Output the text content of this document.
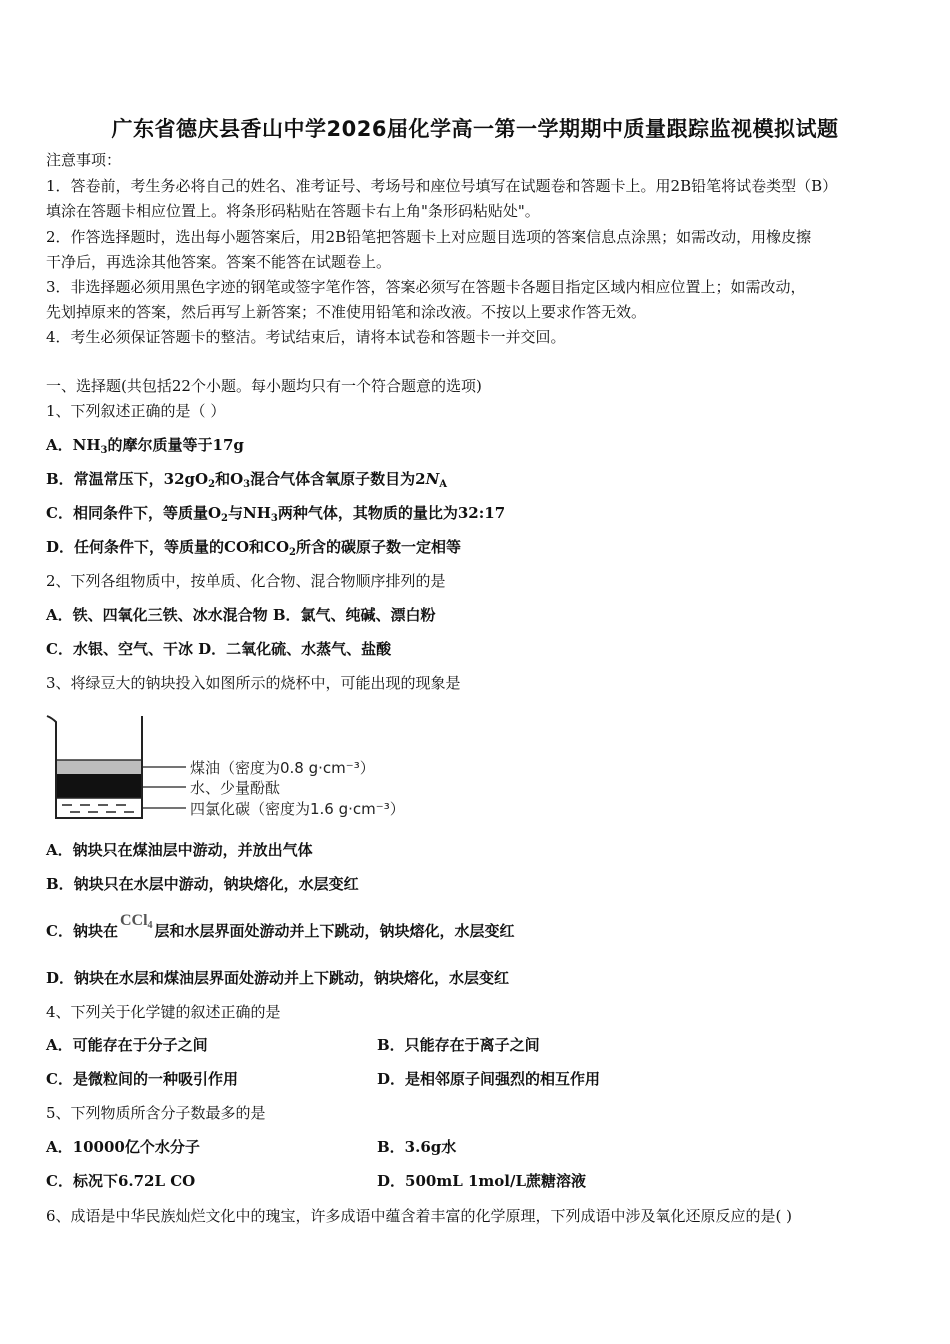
广东省德庆县香山中学2026届化学高一第一学期期中质量跟踪监视模拟试题
注意事项：
1．答卷前，考生务必将自己的姓名、准考证号、考场号和座位号填写在试题卷和答题卡上。用2B铅笔将试卷类型（B）
填涂在答题卡相应位置上。将条形码粘贴在答题卡右上角"条形码粘贴处"。
2．作答选择题时，选出每小题答案后，用2B铅笔把答题卡上对应题目选项的答案信息点涂黑；如需改动，用橡皮擦
干净后，再选涂其他答案。答案不能答在试题卷上。
3．非选择题必须用黑色字迹的钢笔或签字笔作答，答案必须写在答题卡各题目指定区域内相应位置上；如需改动，
先划掉原来的答案，然后再写上新答案；不准使用铅笔和涂改液。不按以上要求作答无效。
4．考生必须保证答题卡的整洁。考试结束后，请将本试卷和答题卡一并交回。
一、选择题(共包括22个小题。每小题均只有一个符合题意的选项)
1、下列叙述正确的是（ ）
A．$NH_3$的摩尔质量等于17g
B．常温常压下，$32gO_2$和$O_3$混合气体含氧原子数目为$2N_A$
C．相同条件下，等质量$O_2$与$NH_3$两种气体，其物质的量比为32:17
D．任何条件下，等质量的CO和$CO_2$所含的碳原子数一定相等
2、下列各组物质中，按单质、化合物、混合物顺序排列的是
A．铁、四氧化三铁、冰水混合物 B．氯气、纯碱、漂白粉
C．水银、空气、干冰 D．二氧化硫、水蒸气、盐酸
3、将绿豆大的钠块投入如图所示的烧杯中，可能出现的现象是
煤油（密度为0.8 g·cm⁻³）
水、少量酚酞
四氯化碳（密度为1.6 g·cm⁻³）
A．钠块只在煤油层中游动，并放出气体
B．钠块只在水层中游动，钠块熔化，水层变红
C．钠块在CCl$_4$ 层和水层界面处游动并上下跳动，钠块熔化，水层变红
D．钠块在水层和煤油层界面处游动并上下跳动，钠块熔化，水层变红
4、下列关于化学键的叙述正确的是
A．可能存在于分子之间	B．只能存在于离子之间
C．是微粒间的一种吸引作用	D．是相邻原子间强烈的相互作用
5、下列物质所含分子数最多的是
A．10000亿个水分子	B．3.6g水
C．标况下6.72L CO	D．500mL 1mol/L蔗糖溶液
6、成语是中华民族灿烂文化中的瑰宝，许多成语中蕴含着丰富的化学原理，下列成语中涉及氧化还原反应的是( )
